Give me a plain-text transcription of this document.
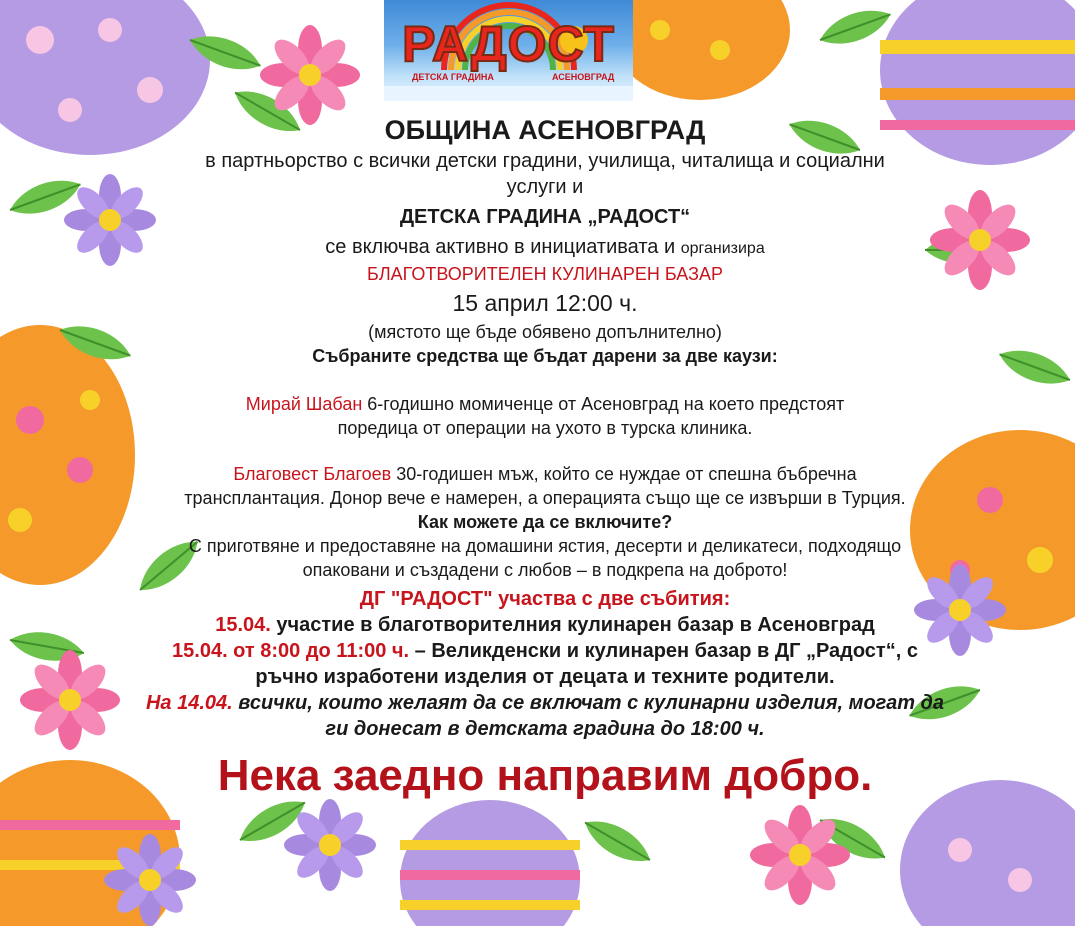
РАДОСТ
ДЕТСКА ГРАДИНА	АСЕНОВГРАД
ОБЩИНА АСЕНОВГРАД
в партньорство с всички детски градини, училища, читалища и социални
услуги и
ДЕТСКА ГРАДИНА „РАДОСТ“
се включва активно в инициативата и организира
БЛАГОТВОРИТЕЛЕН КУЛИНАРЕН БАЗАР
15 април 12:00 ч.
(мястото ще бъде обявено допълнително)
Събраните средства ще бъдат дарени за две каузи:
Мирай Шабан 6-годишно момиченце от Асеновград на което предстоят
поредица от операции на ухото в турска клиника.
Благовест Благоев 30-годишен мъж, който се нуждае от спешна бъбречна
трансплантация. Донор вече е намерен, а операцията също ще се извърши в Турция.
Как можете да се включите?
С приготвяне и предоставяне на домашини ястия, десерти и деликатеси, подходящо
опаковани и създадени с любов – в подкрепа на доброто!
ДГ "РАДОСТ" участва с две събития:
15.04. участие в благотворителния кулинарен базар в Асеновград
15.04. от 8:00 до 11:00 ч. – Великденски и кулинарен базар в ДГ „Радост“, с
ръчно изработени изделия от децата и техните родители.
На 14.04. всички, които желаят да се включат с кулинарни изделия, могат да
ги донесат в детската градина до 18:00 ч.
Нека заедно направим добро.
